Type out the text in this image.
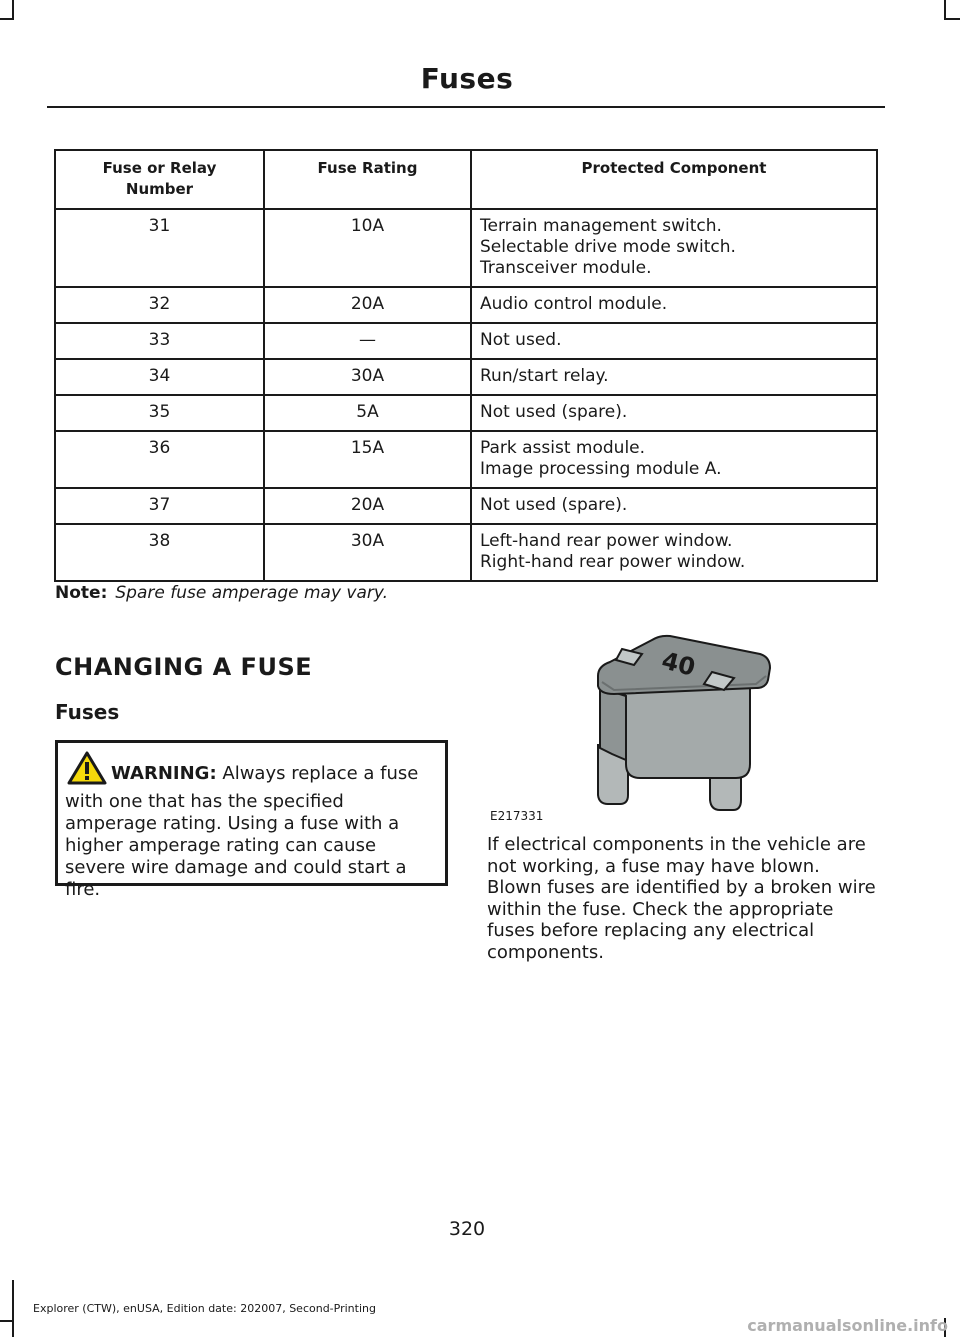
Fuses
Fuse or Relay Number	Fuse Rating	Protected Component
31	10A	Terrain management switch.
Selectable drive mode switch.
Transceiver module.

32	20A	Audio control module.

33	—	Not used.

34	30A	Run/start relay.

35	5A	Not used (spare).

36	15A	Park assist module.
Image processing module A.

37	20A	Not used (spare).

38	30A	Left-hand rear power window.
Right-hand rear power window.
Note: Spare fuse amperage may vary.
CHANGING A FUSE
Fuses
WARNING: Always replace a fuse with one that has the specified amperage rating. Using a fuse with a higher amperage rating can cause severe wire damage and could start a fire.
40
E217331
If electrical components in the vehicle are not working, a fuse may have blown. Blown fuses are identified by a broken wire within the fuse. Check the appropriate fuses before replacing any electrical components.
320
Explorer (CTW), enUSA, Edition date: 202007, Second-Printing
carmanualsonline.info
